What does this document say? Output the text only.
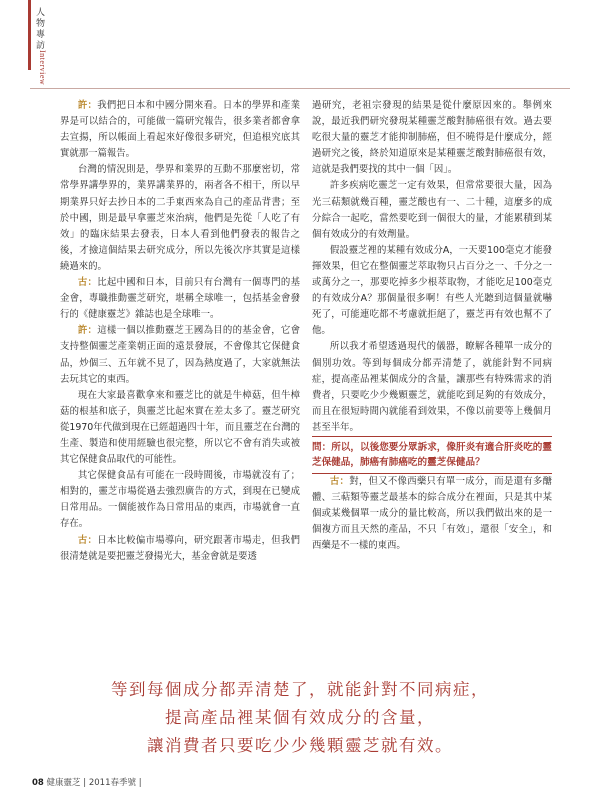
人物專訪
Interview

許：我們把日本和中國分開來看。日本的學界和產業界是可以結合的，可能做一篇研究報告，很多業者都會拿去宣揚，所以帳面上看起來好像很多研究，但追根究底其實就那一篇報告。

台灣的情況則是，學界和業界的互動不那麼密切，常常學界講學界的，業界講業界的，兩者各不相干，所以早期業界只好去抄日本的二手東西來為自己的產品背書；至於中國，則是最早拿靈芝來治病，他們是先從「人吃了有效」的臨床結果去發表，日本人看到他們發表的報告之後，才撿這個結果去研究成分，所以先後次序其實是這樣繞過來的。

古：比起中國和日本，目前只有台灣有一個專門的基金會，專職推動靈芝研究，堪稱全球唯一，包括基金會發行的《健康靈芝》雜誌也是全球唯一。

許：這樣一個以推動靈芝王國為目的的基金會，它會支持整個靈芝產業朝正面的遠景發展，不會像其它保健食品，炒個三、五年就不見了，因為熱度過了，大家就無法去玩其它的東西。

現在大家最喜歡拿來和靈芝比的就是牛樟菇，但牛樟菇的根基和底子，與靈芝比起來實在差太多了。靈芝研究從1970年代做到現在已經超過四十年，而且靈芝在台灣的生產、製造和使用經驗也很完整，所以它不會有消失或被其它保健食品取代的可能性。

其它保健食品有可能在一段時間後，市場就沒有了；相對的，靈芝市場從過去強烈廣告的方式，到現在已變成日常用品。一個能被作為日常用品的東西，市場就會一直存在。

古：日本比較偏市場導向，研究跟著市場走，但我們很清楚就是要把靈芝發揚光大，基金會就是要透

過研究，老祖宗發現的結果是從什麼原因來的。舉例來說，最近我們研究發現某種靈芝酸對肺癌很有效。過去要吃很大量的靈芝才能抑制肺癌，但不曉得是什麼成分，經過研究之後，終於知道原來是某種靈芝酸對肺癌很有效，這就是我們要找的其中一個「因」。

許多疾病吃靈芝一定有效果，但常常要很大量，因為光三萜類就幾百種，靈芝酸也有一、二十種，這麼多的成分綜合一起吃，當然要吃到一個很大的量，才能累積到某個有效成分的有效劑量。

假設靈芝裡的某種有效成分A，一天要100毫克才能發揮效果，但它在整個靈芝萃取物只占百分之一、千分之一或萬分之一，那要吃掉多少根萃取物，才能吃足100毫克的有效成分A？那個量很多啊！有些人光聽到這個量就嚇死了，可能連吃都不考慮就拒絕了，靈芝再有效也幫不了他。

所以我才希望透過現代的儀器，瞭解各種單一成分的個別功效。等到每個成分都弄清楚了，就能針對不同病症，提高產品裡某個成分的含量，讓那些有特殊需求的消費者，只要吃少少幾顆靈芝，就能吃到足夠的有效成分，而且在很短時間內就能看到效果，不像以前要等上幾個月甚至半年。

問：所以，以後您要分眾訴求，像肝炎有適合肝炎吃的靈芝保健品，肺癌有肺癌吃的靈芝保健品？

古：對，但又不像西藥只有單一成分，而是還有多醣體、三萜類等靈芝最基本的綜合成分在裡面，只是其中某個或某幾個單一成分的量比較高，所以我們做出來的是一個複方而且天然的產品，不只「有效」，還很「安全」，和西藥是不一樣的東西。

等到每個成分都弄清楚了，就能針對不同病症，
提高產品裡某個有效成分的含量，
讓消費者只要吃少少幾顆靈芝就有效。
08 健康靈芝 | 2011春季號 |
